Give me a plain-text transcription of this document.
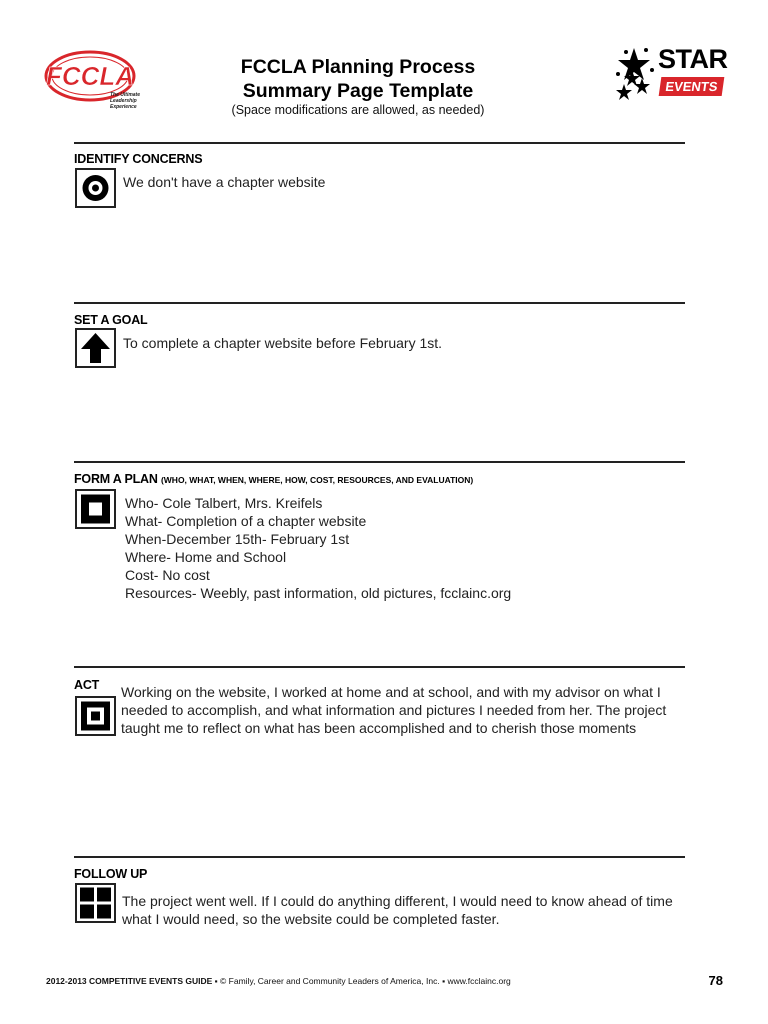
FCCLA
The Ultimate
Leadership
Experience
FCCLA Planning Process
Summary Page Template
(Space modifications are allowed, as needed)
STAR
EVENTS
IDENTIFY CONCERNS
We don't have a chapter website
SET A GOAL
To complete a chapter website before February 1st.
FORM A PLAN (WHO, WHAT, WHEN, WHERE, HOW, COST, RESOURCES, AND EVALUATION)
Who- Cole Talbert, Mrs. Kreifels
What- Completion of a chapter website
When-December 15th- February 1st
Where- Home and School
Cost- No cost
Resources- Weebly, past information, old pictures, fcclainc.org
ACT Working on the website, I worked at home and at school, and with my advisor on what I
needed to accomplish, and what information and pictures I needed from her. The project
taught me to reflect on what has been accomplished and to cherish those moments
FOLLOW UP
The project went well. If I could do anything different, I would need to know ahead of time
what I would need, so the website could be completed faster.
2012-2013 COMPETITIVE EVENTS GUIDE ▪ © Family, Career and Community Leaders of America, Inc. ▪ www.fcclainc.org	78
